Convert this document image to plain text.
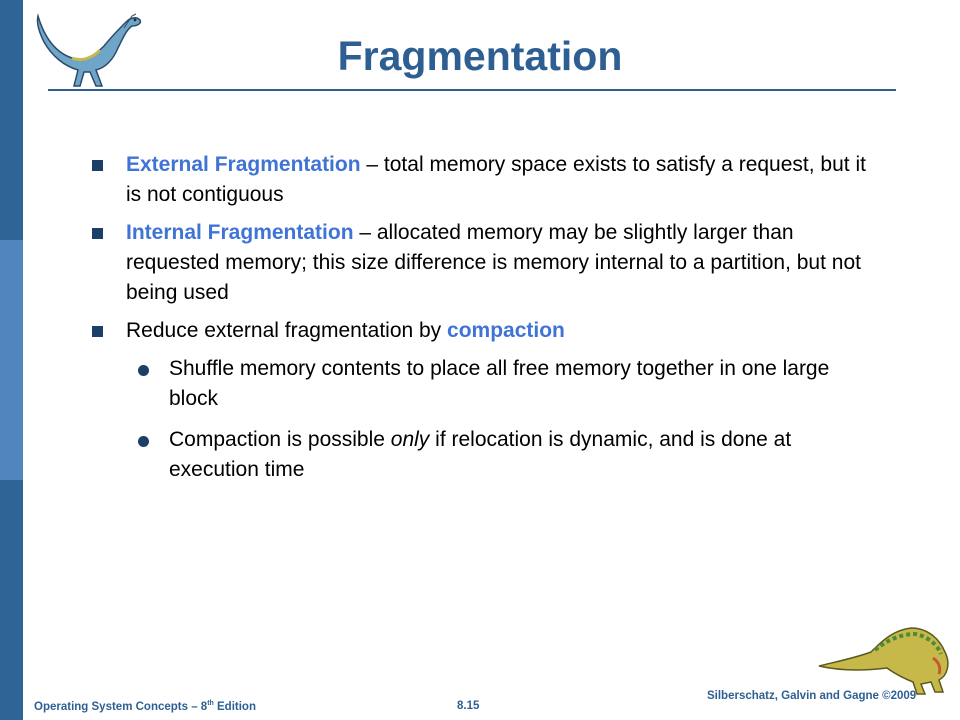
Fragmentation
External Fragmentation – total memory space exists to satisfy a request, but it is not contiguous
Internal Fragmentation – allocated memory may be slightly larger than requested memory; this size difference is memory internal to a partition, but not being used
Reduce external fragmentation by compaction
Shuffle memory contents to place all free memory together in one large block
Compaction is possible only if relocation is dynamic, and is done at execution time
Operating System Concepts – 8th Edition	8.15
Silberschatz, Galvin and Gagne ©2009
